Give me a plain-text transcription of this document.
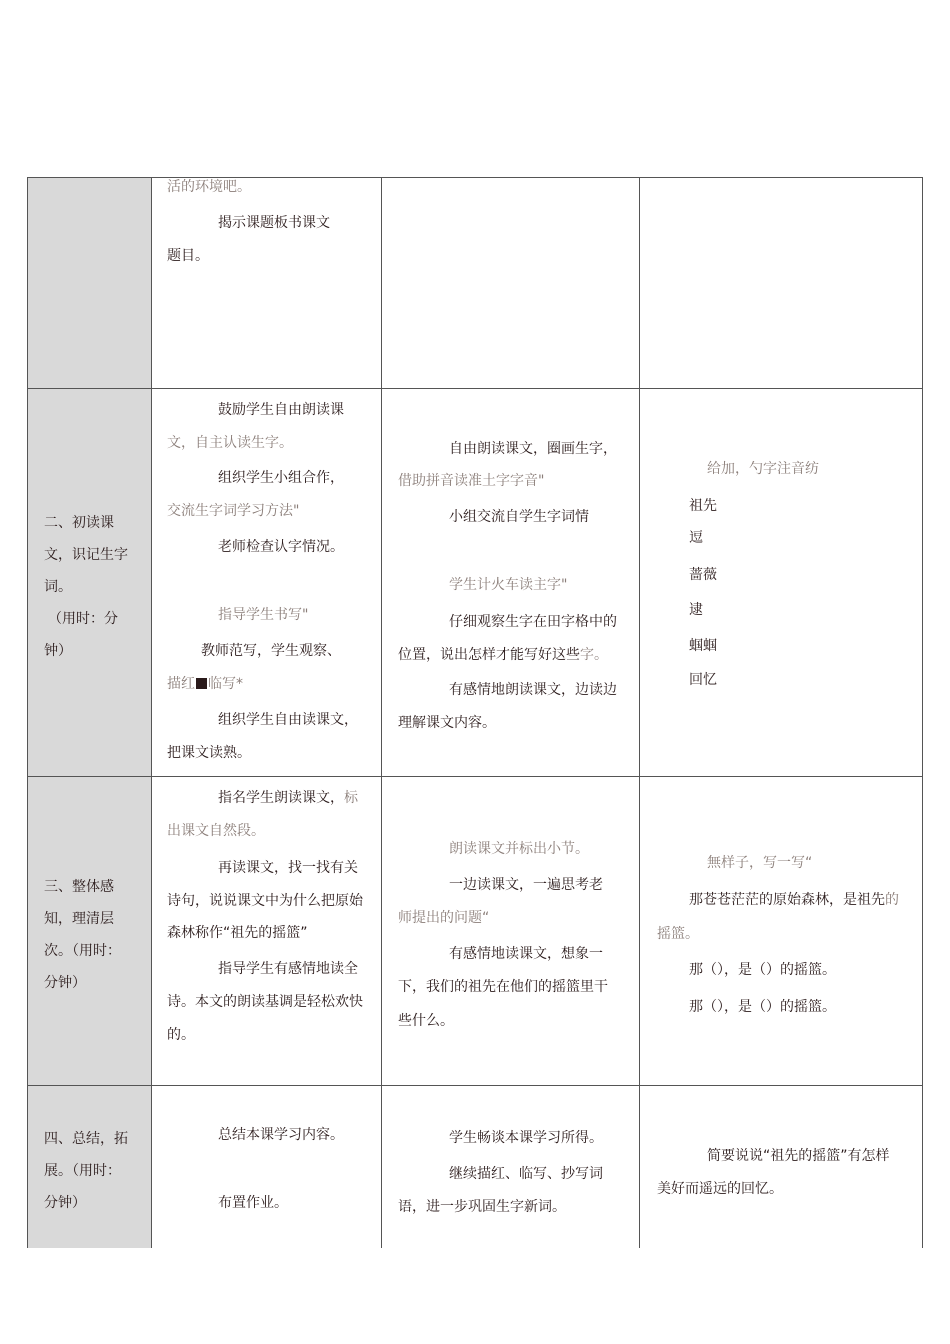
活的环境吧。
揭示课题板书课文
题目。
二、初读课
文，识记生字
词。
（用时：分
钟）
鼓励学生自由朗读课
文，自主认读生字。
组织学生小组合作，
交流生字词学习方法"
老师检查认字情况。
指导学生书写"
教师范写，学生观察、
描红 临写*
组织学生自由读课文，
把课文读熟。
自由朗读课文，圈画生字，
借助拼音读准土字字音"
小组交流自学生字词情
学生计火车读主字"
仔细观察生字在田字格中的
位置，说出怎样才能写好这些字。
有感情地朗读课文，边读边
理解课文内容。
给加，勺字注音纺
祖先
逗
蔷薇
逮
蝈蝈
回忆
三、整体感
知，理清层
次。（用时：
分钟）
指名学生朗读课文，标
出课文自然段。
再读课文，找一找有关
诗句，说说课文中为什么把原始
森林称作“祖先的摇篮”
指导学生有感情地读全
诗。本文的朗读基调是轻松欢快
的。
朗读课文并标出小节。
一边读课文，一遍思考老
师提出的问题“
有感情地读课文，想象一
下，我们的祖先在他们的摇篮里干
些什么。
無样子，写一写“
那苍苍茫茫的原始森林，是祖先的
摇篮。
那（），是（）的摇篮。
那（），是（）的摇篮。
四、总结，拓
展。（用时：
分钟）
总结本课学习内容。
布置作业。
学生畅谈本课学习所得。
继续描红、临写、抄写词
语，进一步巩固生字新词。
简要说说“祖先的摇篮”有怎样
美好而遥远的回忆。
